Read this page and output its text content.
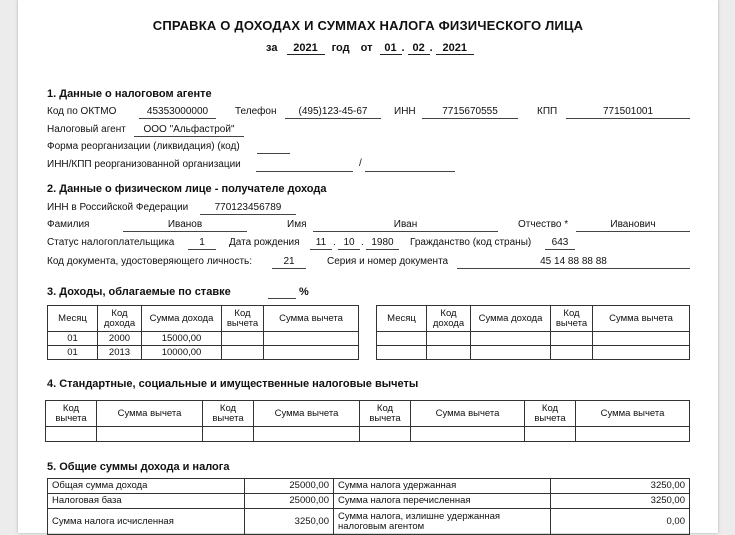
СПРАВКА О ДОХОДАХ И СУММАХ НАЛОГА ФИЗИЧЕСКОГО ЛИЦА
за 2021 год от 01 . 02 . 2021
1. Данные о налоговом агенте
Код по ОКТМО	45353000000	Телефон	(495)123-45-67	ИНН	7715670555	КПП	771501001
Налоговый агент	ООО "Альфастрой"
Форма реорганизации (ликвидация) (код)
ИНН/КПП реорганизованной организации	/
2. Данные о физическом лице - получателе дохода
ИНН в Российской Федерации	770123456789
Фамилия	Иванов	Имя	Иван	Отчество *	Иванович
Статус налогоплательщика	1	Дата рождения	11 . 10 . 1980	Гражданство (код страны)	643
Код документа, удостоверяющего личность:	21	Серия и номер документа	45 14 88 88 88
3. Доходы, облагаемые по ставке	%
Месяц	Код дохода	Сумма дохода	Код вычета	Сумма вычета
01	2000	15000,00		
01	2013	10000,00		
Месяц	Код дохода	Сумма дохода	Код вычета	Сумма вычета

4. Стандартные, социальные и имущественные налоговые вычеты
Код вычета	Сумма вычета	Код вычета	Сумма вычета	Код вычета	Сумма вычета	Код вычета	Сумма вычета

5. Общие суммы дохода и налога
Общая сумма дохода	25000,00	Сумма налога удержанная	3250,00
Налоговая база	25000,00	Сумма налога перечисленная	3250,00
Сумма налога исчисленная	3250,00	Сумма налога, излишне удержанная налоговым агентом	0,00
